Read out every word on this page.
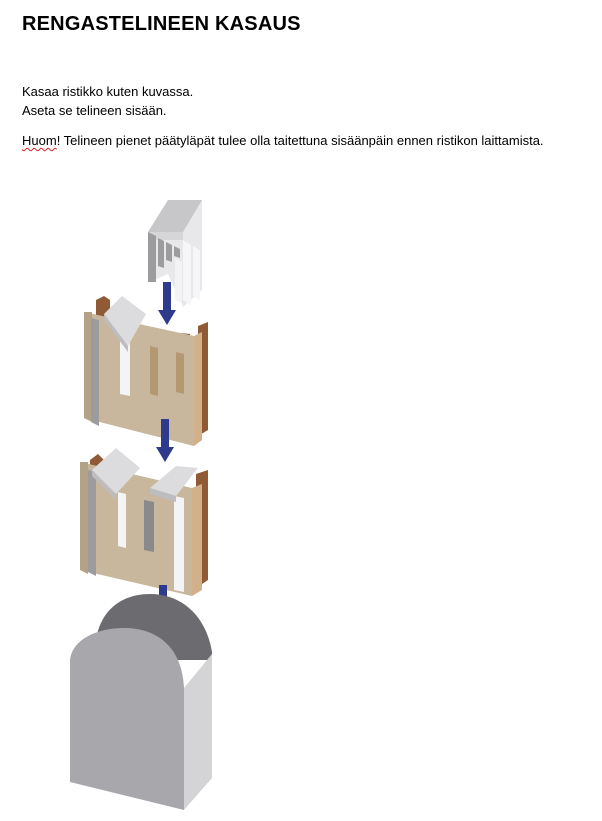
RENGASTELINEEN KASAUS

Kasaa ristikko kuten kuvassa.

Aseta se telineen sisään.

Huom! Telineen pienet päätyläpät tulee olla taitettuna sisäänpäin ennen ristikon laittamista.
